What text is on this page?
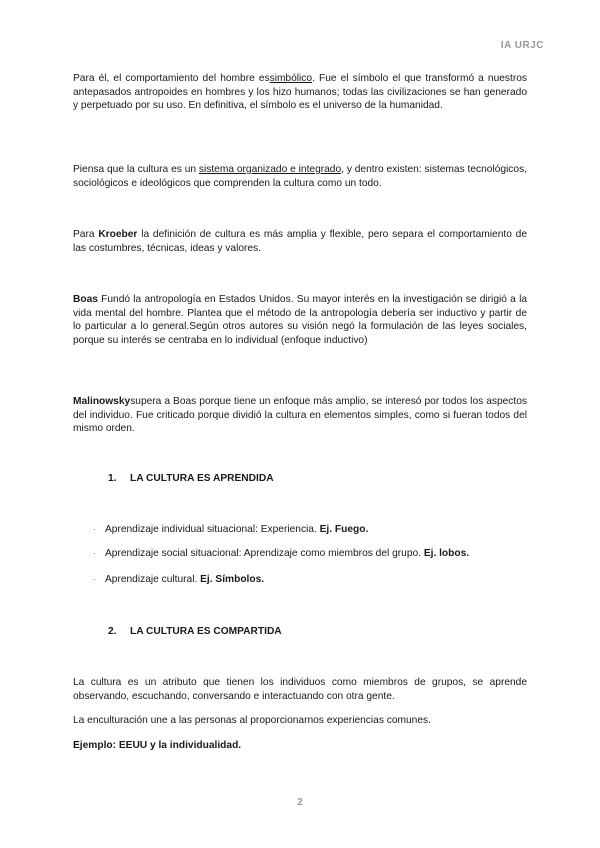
IA URJC

Para él, el comportamiento del hombre essimbólico. Fue el símbolo el que transformó a nuestros antepasados antropoides en hombres y los hizo humanos; todas las civilizaciones se han generado y perpetuado por su uso. En definitiva, el símbolo es el universo de la humanidad.

Piensa que la cultura es un sistema organizado e integrado, y dentro existen: sistemas tecnológicos, sociológicos e ideológicos que comprenden la cultura como un todo.

Para Kroeber la definición de cultura es más amplia y flexible, pero separa el comportamiento de las costumbres, técnicas, ideas y valores.

Boas Fundó la antropología en Estados Unidos. Su mayor interés en la investigación se dirigió a la vida mental del hombre. Plantea que el método de la antropología debería ser inductivo y partir de lo particular a lo general.Según otros autores su visión negó la formulación de las leyes sociales, porque su interés se centraba en lo individual (enfoque inductivo)

Malinowskysupera a Boas porque tiene un enfoque más amplio, se interesó por todos los aspectos del individuo. Fue criticado porque dividió la cultura en elementos simples, como si fueran todos del mismo orden.

1. LA CULTURA ES APRENDIDA
· Aprendizaje individual situacional: Experiencia. Ej. Fuego.
· Aprendizaje social situacional: Aprendizaje como miembros del grupo. Ej. lobos.
· Aprendizaje cultural. Ej. Símbolos.
2. LA CULTURA ES COMPARTIDA

La cultura es un atributo que tienen los individuos como miembros de grupos, se aprende observando, escuchando, conversando e interactuando con otra gente.

La enculturación une a las personas al proporcionarnos experiencias comunes.

Ejemplo: EEUU y la individualidad.

2
